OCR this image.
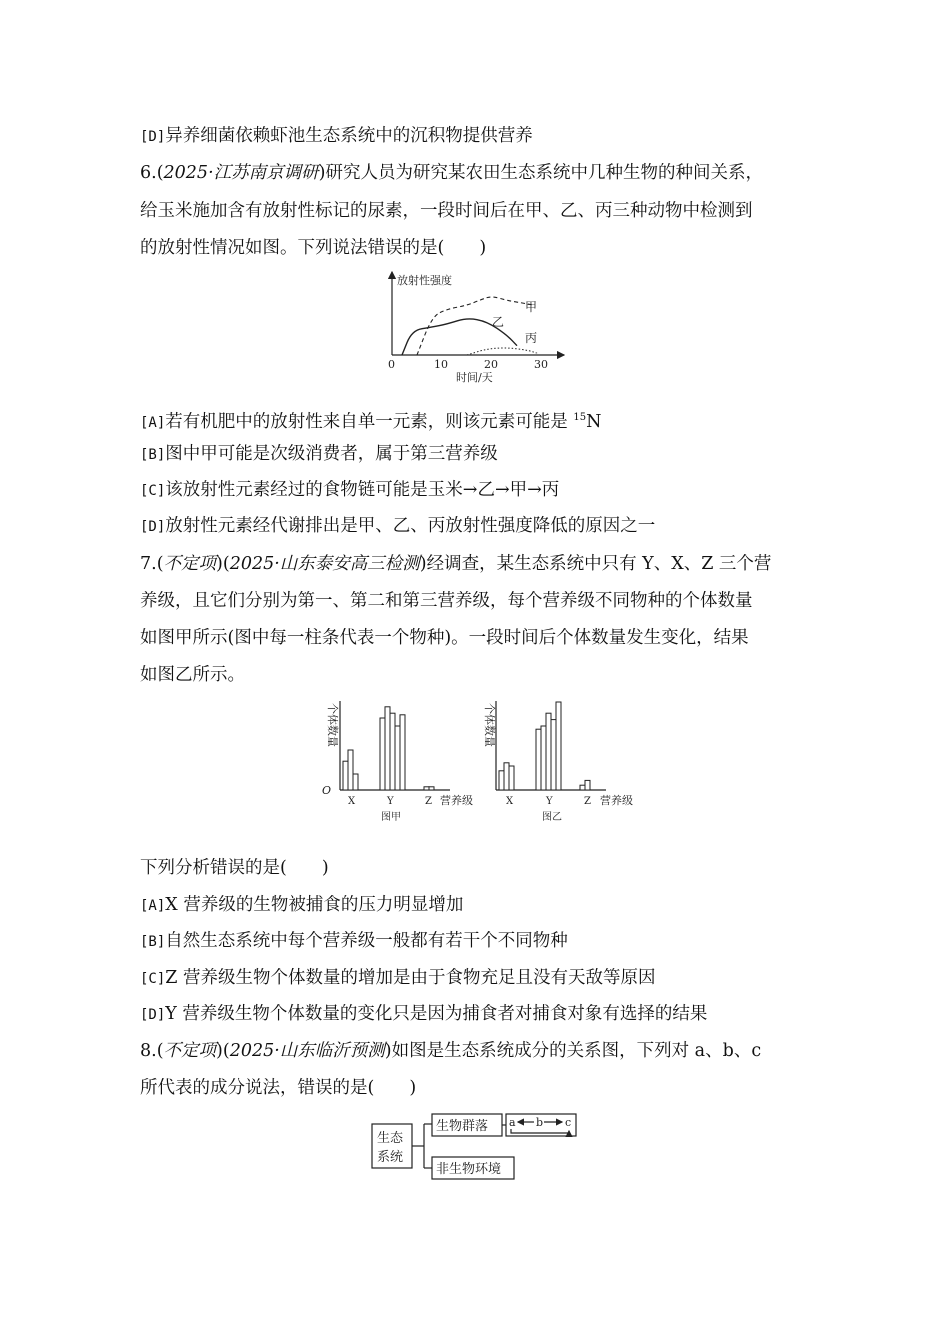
[D]异养细菌依赖虾池生态系统中的沉积物提供营养
6.(2025·江苏南京调研)研究人员为研究某农田生态系统中几种生物的种间关系，
给玉米施加含有放射性标记的尿素，一段时间后在甲、乙、丙三种动物中检测到
的放射性情况如图。下列说法错误的是(　　)
放射性强度
时间/天
0	10	20	30
甲
乙
丙
[A]若有机肥中的放射性来自单一元素，则该元素可能是 $^{15}$N
[B]图中甲可能是次级消费者，属于第三营养级
[C]该放射性元素经过的食物链可能是玉米→乙→甲→丙
[D]放射性元素经代谢排出是甲、乙、丙放射性强度降低的原因之一
7.(不定项)(2025·山东泰安高三检测)经调查，某生态系统中只有 Y、X、Z 三个营
养级，且它们分别为第一、第二和第三营养级，每个营养级不同物种的个体数量
如图甲所示(图中每一柱条代表一个物种)。一段时间后个体数量发生变化，结果
如图乙所示。
个体数量
O
X	Y	Z 营养级
图甲
个体数量
X	Y	Z 营养级
图乙
下列分析错误的是(　　)
[A]X 营养级的生物被捕食的压力明显增加
[B]自然生态系统中每个营养级一般都有若干个不同物种
[C]Z 营养级生物个体数量的增加是由于食物充足且没有天敌等原因
[D]Y 营养级生物个体数量的变化只是因为捕食者对捕食对象有选择的结果
8.(不定项)(2025·山东临沂预测)如图是生态系统成分的关系图，下列对 a、b、c
所代表的成分说法，错误的是(　　)
生态
系统
生物群落
非生物环境
a b c
